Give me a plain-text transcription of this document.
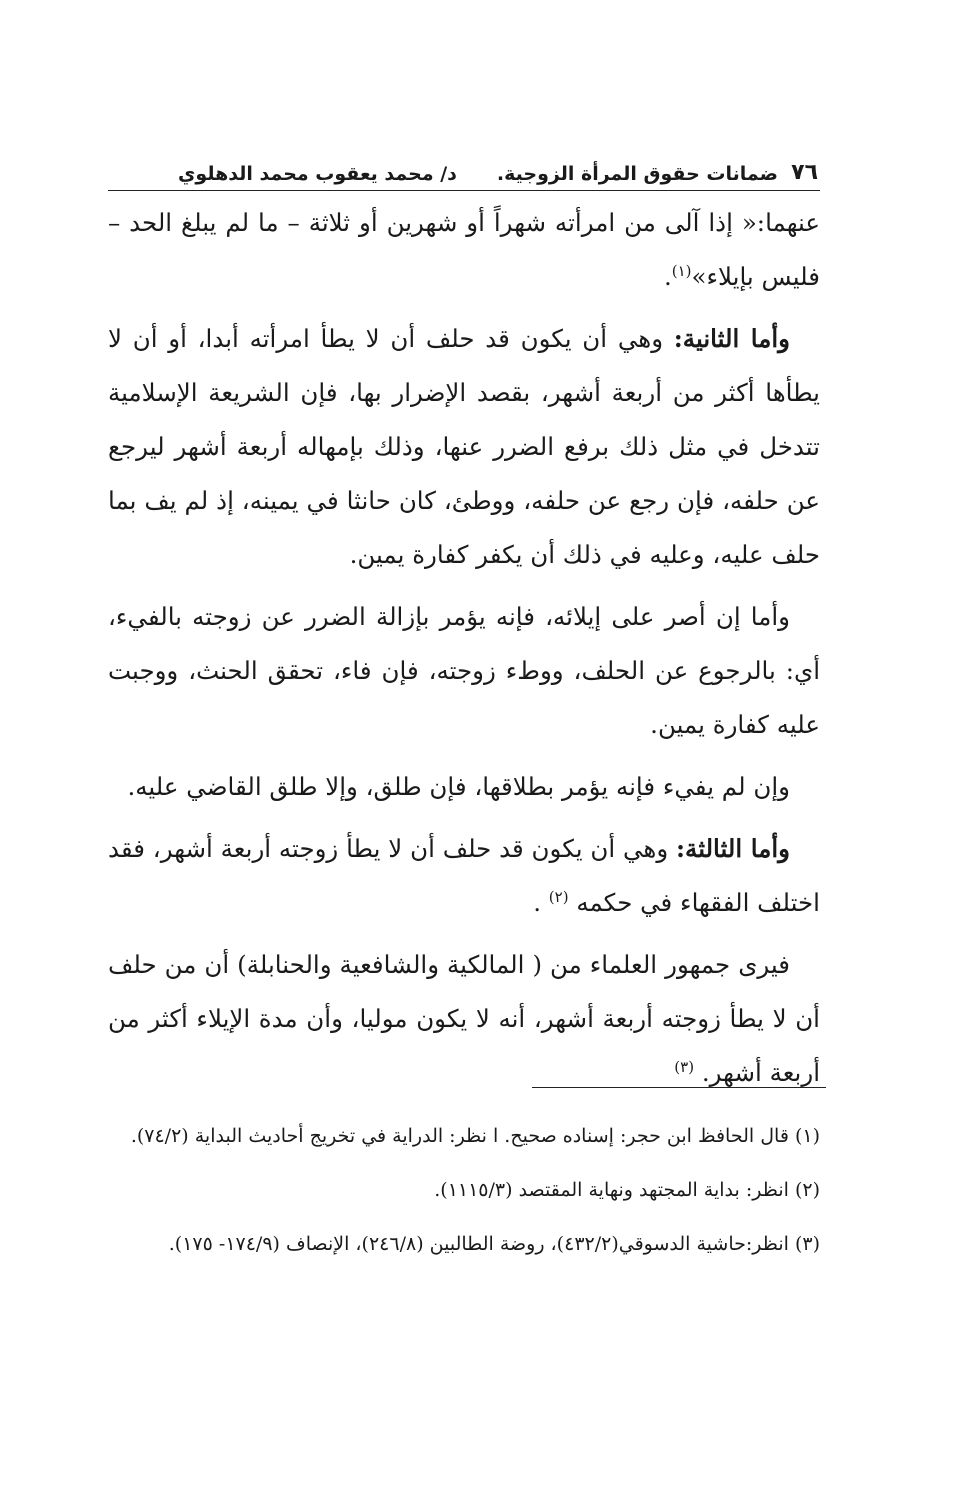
٧٦
ضمانات حقوق المرأة الزوجية.
د/ محمد يعقوب محمد الدهلوي

عنهما:« إذا آلى من امرأته شهراً أو شهرين أو ثلاثة – ما لم يبلغ الحد – فليس بإيلاء»$^{(١)}$.

وأما الثانية: وهي أن يكون قد حلف أن لا يطأ امرأته أبدا، أو أن لا يطأها أكثر من أربعة أشهر، بقصد الإضرار بها، فإن الشريعة الإسلامية تتدخل في مثل ذلك برفع الضرر عنها، وذلك بإمهاله أربعة أشهر ليرجع عن حلفه، فإن رجع عن حلفه، ووطئ، كان حانثا في يمينه، إذ لم يف بما حلف عليه، وعليه في ذلك أن يكفر كفارة يمين.

وأما إن أصر على إيلائه، فإنه يؤمر بإزالة الضرر عن زوجته بالفيء، أي: بالرجوع عن الحلف، ووطء زوجته، فإن فاء، تحقق الحنث، ووجبت عليه كفارة يمين.

وإن لم يفيء فإنه يؤمر بطلاقها، فإن طلق، وإلا طلق القاضي عليه.

وأما الثالثة: وهي أن يكون قد حلف أن لا يطأ زوجته أربعة أشهر، فقد اختلف الفقهاء في حكمه $^{(٢)}$ .

فيرى جمهور العلماء من ( المالكية والشافعية والحنابلة) أن من حلف أن لا يطأ زوجته أربعة أشهر، أنه لا يكون موليا، وأن مدة الإيلاء أكثر من أربعة أشهر. $^{(٣)}$

(١) قال الحافظ ابن حجر: إسناده صحيح. ا نظر: الدراية في تخريج أحاديث البداية (٧٤/٢).

(٢) انظر: بداية المجتهد ونهاية المقتصد (١١١٥/٣).

(٣) انظر:حاشية الدسوقي(٤٣٢/٢)، روضة الطالبين (٢٤٦/٨)، الإنصاف (١٧٤/٩- ١٧٥).
